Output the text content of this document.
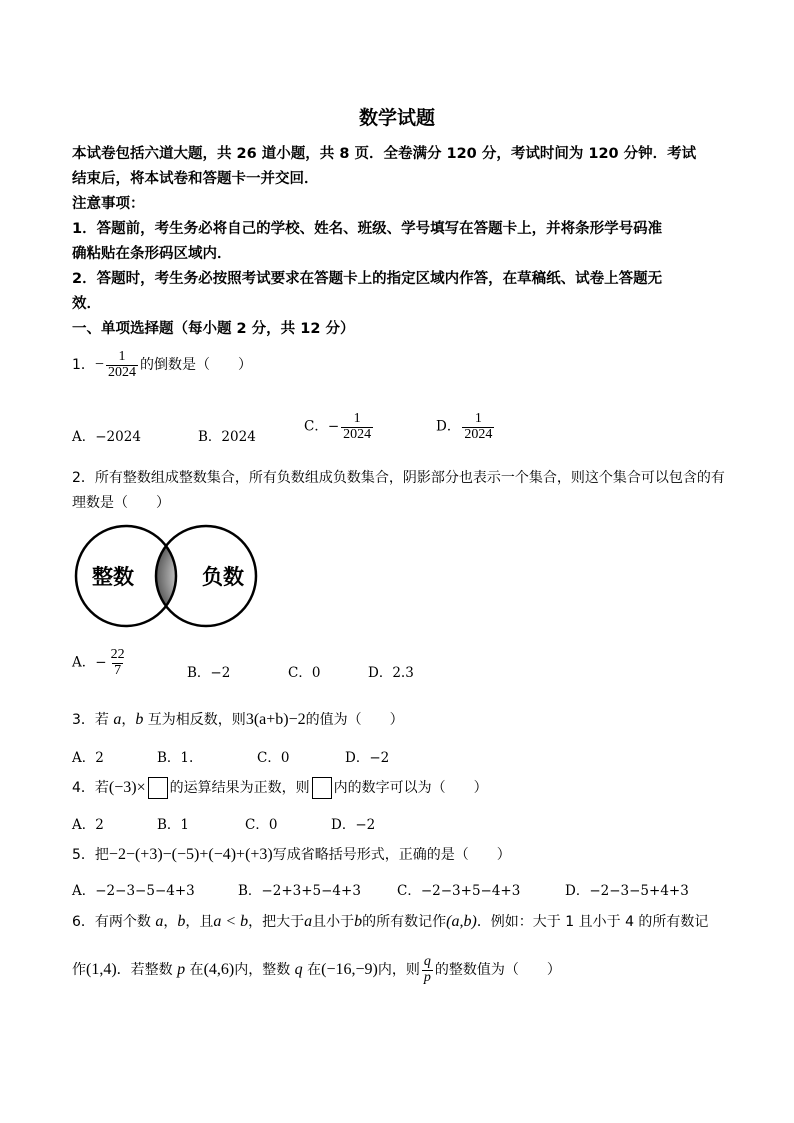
数学试题
本试卷包括六道大题，共 26 道小题，共 8 页．全卷满分 120 分，考试时间为 120 分钟．考试
结束后，将本试卷和答题卡一并交回．
注意事项：
1．答题前，考生务必将自己的学校、姓名、班级、学号填写在答题卡上，并将条形学号码准
确粘贴在条形码区域内．
2．答题时，考生务必按照考试要求在答题卡上的指定区域内作答，在草稿纸、试卷上答题无
效．
一、单项选择题（每小题 2 分，共 12 分）
1．− $\frac{1}{2024}$ 的倒数是（　　）
A．−2024	B．2024
C．− $\frac{1}{2024}$	D． $\frac{1}{2024}$
2．所有整数组成整数集合，所有负数组成负数集合，阴影部分也表示一个集合，则这个集合可以包含的有
理数是（　　）
整数	负数
A．− $\frac{22}{7}$	B．−2	C．0	D．2.3
3．若 a，b 互为相反数，则3(a+b)−2的值为（　　）
A．2	B．1.	C．0	D．−2
4．若(−3)× 的运算结果为正数，则 内的数字可以为（　　）
A．2	B．1	C．0	D．−2
5．把−2−(+3)−(−5)+(−4)+(+3)写成省略括号形式，正确的是（　　）
A．−2−3−5−4+3	B．−2+3+5−4+3	C．−2−3+5−4+3	D．−2−3−5+4+3
6．有两个数 a，b，且a < b，把大于a且小于b的所有数记作(a,b)．例如：大于 1 且小于 4 的所有数记
作(1,4)．若整数 p 在(4,6)内，整数 q 在(−16,−9)内，则 $\frac{q}{p}$ 的整数值为（　　）
